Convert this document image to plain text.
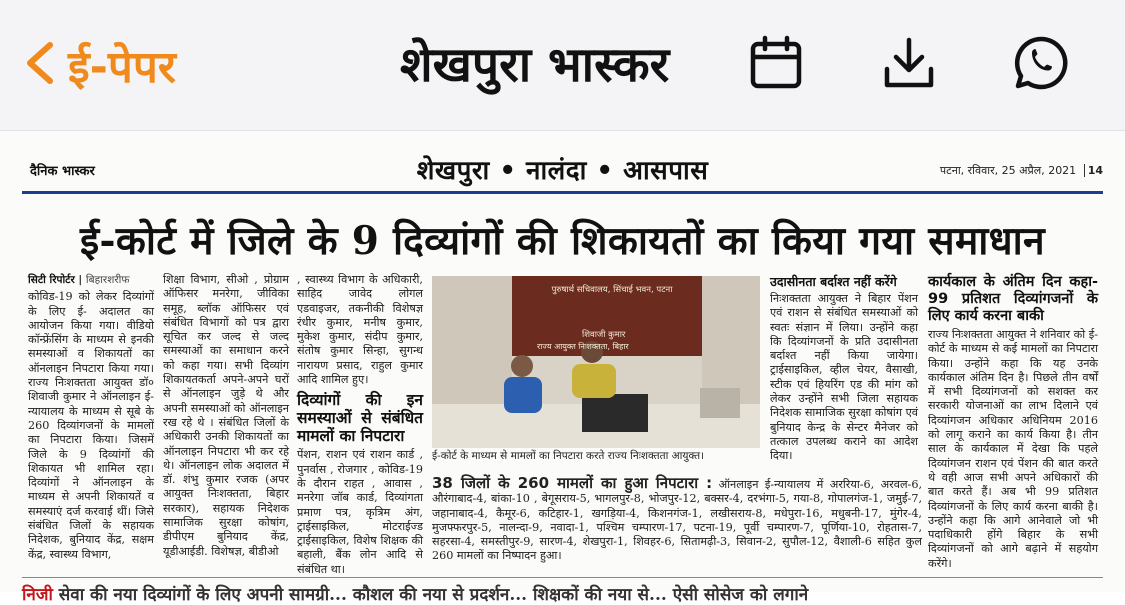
ई-पेपर	शेखपुरा भास्कर
दैनिक भास्कर	शेखपुरा • नालंदा • आसपास	पटना, रविवार, 25 अप्रैल, 2021 14
ई-कोर्ट में जिले के 9 दिव्यांगों की शिकायतों का किया गया समाधान
सिटी रिपोर्टर | बिहारशरीफ
कोविड-19 को लेकर दिव्यांगों के लिए ई- अदालत का आयोजन किया गया। वीडियो कॉन्फ्रेंसिंग के माध्यम से इनकी समस्याओं व शिकायतों का ऑनलाइन निपटारा किया गया। राज्य निःशक्तता आयुक्त डॉ० शिवाजी कुमार ने ऑनलाइन ई-न्यायालय के माध्यम से सूबे के 260 दिव्यांगजनों के मामलों का निपटारा किया। जिसमें जिले के 9 दिव्यांगों की शिकायत भी शामिल रहा। दिव्यांगों ने ऑनलाइन के माध्यम से अपनी शिकायतें व समस्याएं दर्ज करवाई थीं। जिसे संबंधित जिलों के सहायक निदेशक, बुनियाद केंद्र, सक्षम केंद्र, स्वास्थ्य विभाग,
शिक्षा विभाग, सीओ , प्रोग्राम ऑफिसर मनरेगा, जीविका समूह, ब्लॉक ऑफिसर एवं संबंधित विभागों को पत्र द्वारा सूचित कर जल्द से जल्द समस्याओं का समाधान करने को कहा गया। सभी दिव्यांग शिकायतकर्ता अपने-अपने घरों से ऑनलाइन जुड़े थे और अपनी समस्याओं को ऑनलाइन रख रहे थे । संबंधित जिलों के अधिकारी उनकी शिकायतों का ऑनलाइन निपटारा भी कर रहे थे। ऑनलाइन लोक अदालत में डॉ. शंभु कुमार रजक (अपर आयुक्त निःशक्तता, बिहार सरकार), सहायक निदेशक सामाजिक सुरक्षा कोषांग, डीपीएम बुनियाद केंद्र, यूडीआईडी. विशेषज्ञ, बीडीओ
, स्वास्थ्य विभाग के अधिकारी, साहिद जावेद लोगल एडवाइजर, तकनीकी विशेषज्ञ रंधीर कुमार, मनीष कुमार, मुकेश कुमार, संदीप कुमार, संतोष कुमार सिन्हा, सुगन्ध नारायण प्रसाद, राहुल कुमार आदि शामिल हुए।
दिव्यांगों की इन समस्याओं से संबंधित मामलों का निपटारा
पेंशन, राशन एवं राशन कार्ड , पुनर्वास , रोजगार , कोविड-19 के दौरान राहत , आवास , मनरेगा जॉब कार्ड, दिव्यांगता प्रमाण पत्र, कृत्रिम अंग, ट्राईसाइकिल, मोटराईज्ड ट्राईसाइकिल, विशेष शिक्षक की बहाली, बैंक लोन आदि से संबंधित था।
पुरुषार्थ सचिवालय, सिंचाई भवन, पटना
शिवाजी कुमार
राज्य आयुक्त निःशक्तता, बिहार
ई-कोर्ट के माध्यम से मामलों का निपटारा करते राज्य निःशक्तता आयुक्त।
उदासीनता बर्दाश्त नहीं करेंगे
निःशक्तता आयुक्त ने बिहार पेंशन एवं राशन से संबंधित समस्याओं को स्वतः संज्ञान में लिया। उन्होंने कहा कि दिव्यांगजनों के प्रति उदासीनता बर्दाश्त नहीं किया जायेगा। ट्राईसाइकिल, व्हील चेयर, वैसाखी, स्टीक एवं हियरिंग एड की मांग को लेकर उन्होंने सभी जिला सहायक निदेशक सामाजिक सुरक्षा कोषांग एवं बुनियाद केन्द्र के सेन्टर मैनेजर को तत्काल उपलब्ध कराने का आदेश दिया।
कार्यकाल के अंतिम दिन कहा- 99 प्रतिशत दिव्यांगजनों के लिए कार्य करना बाकी
राज्य निःशक्तता आयुक्त ने शनिवार को ई-कोर्ट के माध्यम से कई मामलों का निपटारा किया। उन्होंने कहा कि यह उनके कार्यकाल अंतिम दिन है। पिछले तीन वर्षों में सभी दिव्यांगजनों को सशक्त कर सरकारी योजनाओं का लाभ दिलाने एवं दिव्यांगजन अधिकार अधिनियम 2016 को लागू कराने का कार्य किया है। तीन साल के कार्यकाल में देखा कि पहले दिव्यांगजन राशन एवं पेंशन की बात करते थे वही आज सभी अपने अधिकारों की बात करते हैं। अब भी 99 प्रतिशत दिव्यांगजनों के लिए कार्य करना बाकी है। उन्होंने कहा कि आगे आनेवाले जो भी पदाधिकारी होंगे बिहार के सभी दिव्यांगजनों को आगे बढ़ाने में सहयोग करेंगे।
38 जिलों के 260 मामलों का हुआ निपटारा : ऑनलाइन ई-न्यायालय में अररिया-6, अरवल-6, औरंगाबाद-4, बांका-10 , बेगूसराय-5, भागलपुर-8, भोजपुर-12, बक्सर-4, दरभंगा-5, गया-8, गोपालगंज-1, जमुई-7, जहानाबाद-4, कैमूर-6, कटिहार-1, खगड़िया-4, किशनगंज-1, लखीसराय-8, मधेपुरा-16, मधुबनी-17, मुंगेर-4, मुजफ्फरपुर-5, नालन्दा-9, नवादा-1, पश्चिम चम्पारण-17, पटना-19, पूर्वी चम्पारण-7, पूर्णिया-10, रोहतास-7, सहरसा-4, समस्तीपुर-9, सारण-4, शेखपुरा-1, शिवहर-6, सितामढ़ी-3, सिवान-2, सुपौल-12, वैशाली-6 सहित कुल 260 मामलों का निष्पादन हुआ।
निजी सेवा की नया दिव्यांगों के लिए अपनी सामग्री... कौशल की नया से प्रदर्शन... शिक्षकों की नया से... ऐसी सोसेज को लगाने
